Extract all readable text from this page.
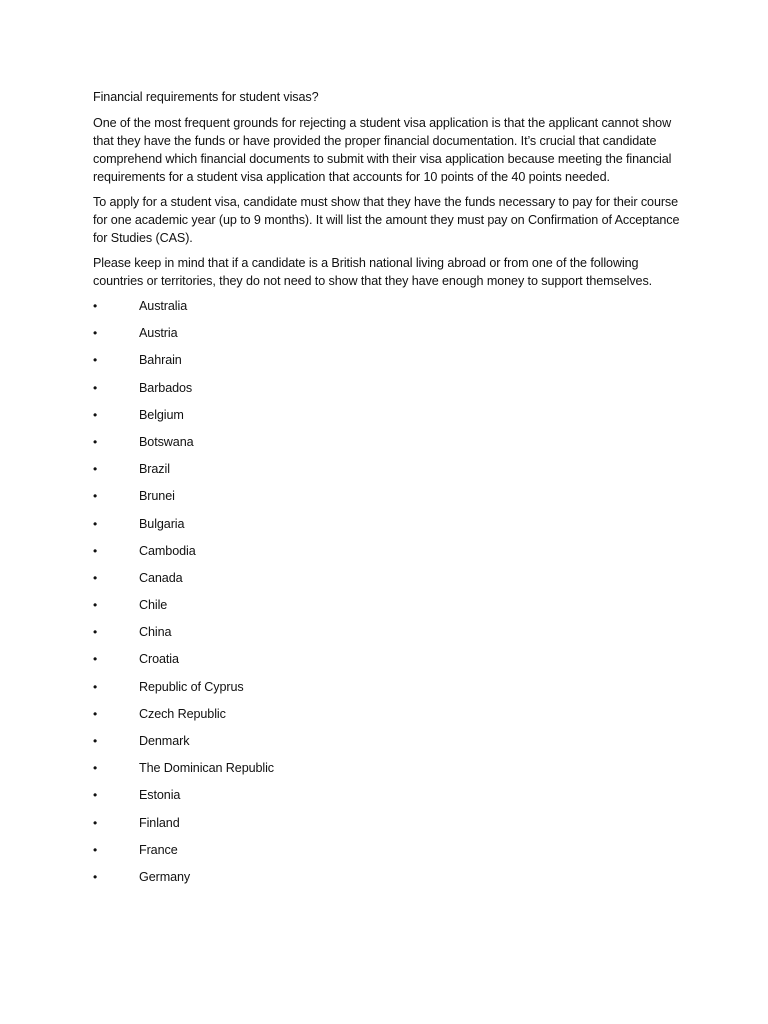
Financial requirements for student visas?

One of the most frequent grounds for rejecting a student visa application is that the applicant cannot show that they have the funds or have provided the proper financial documentation. It’s crucial that candidate comprehend which financial documents to submit with their visa application because meeting the financial requirements for a student visa application that accounts for 10 points of the 40 points needed.

To apply for a student visa, candidate must show that they have the funds necessary to pay for their course for one academic year (up to 9 months). It will list the amount they must pay on Confirmation of Acceptance for Studies (CAS).

Please keep in mind that if a candidate is a British national living abroad or from one of the following countries or territories, they do not need to show that they have enough money to support themselves.

•	Australia
•	Austria
•	Bahrain
•	Barbados
•	Belgium
•	Botswana
•	Brazil
•	Brunei
•	Bulgaria
•	Cambodia
•	Canada
•	Chile
•	China
•	Croatia
•	Republic of Cyprus
•	Czech Republic
•	Denmark
•	The Dominican Republic
•	Estonia
•	Finland
•	France
•	Germany
